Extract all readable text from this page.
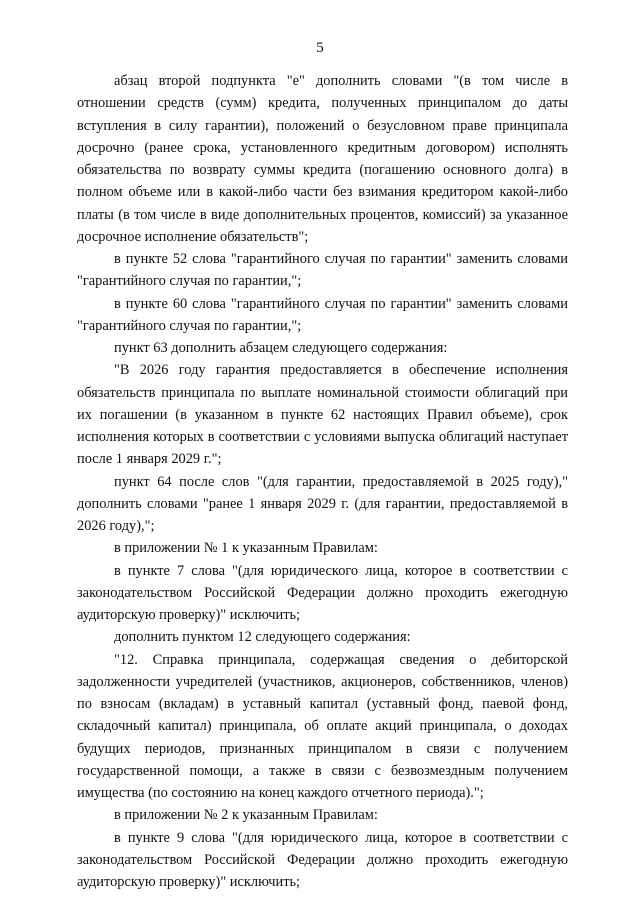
5

абзац второй подпункта "е" дополнить словами "(в том числе в отношении средств (сумм) кредита, полученных принципалом до даты вступления в силу гарантии), положений о безусловном праве принципала досрочно (ранее срока, установленного кредитным договором) исполнять обязательства по возврату суммы кредита (погашению основного долга) в полном объеме или в какой-либо части без взимания кредитором какой-либо платы (в том числе в виде дополнительных процентов, комиссий) за указанное досрочное исполнение обязательств";

в пункте 52 слова "гарантийного случая по гарантии" заменить словами "гарантийного случая по гарантии,";

в пункте 60 слова "гарантийного случая по гарантии" заменить словами "гарантийного случая по гарантии,";

пункт 63 дополнить абзацем следующего содержания:

"В 2026 году гарантия предоставляется в обеспечение исполнения обязательств принципала по выплате номинальной стоимости облигаций при их погашении (в указанном в пункте 62 настоящих Правил объеме), срок исполнения которых в соответствии с условиями выпуска облигаций наступает после 1 января 2029 г.";

пункт 64 после слов "(для гарантии, предоставляемой в 2025 году)," дополнить словами "ранее 1 января 2029 г. (для гарантии, предоставляемой в 2026 году),";

в приложении № 1 к указанным Правилам:

в пункте 7 слова "(для юридического лица, которое в соответствии с законодательством Российской Федерации должно проходить ежегодную аудиторскую проверку)" исключить;

дополнить пунктом 12 следующего содержания:

"12. Справка принципала, содержащая сведения о дебиторской задолженности учредителей (участников, акционеров, собственников, членов) по взносам (вкладам) в уставный капитал (уставный фонд, паевой фонд, складочный капитал) принципала, об оплате акций принципала, о доходах будущих периодов, признанных принципалом в связи с получением государственной помощи, а также в связи с безвозмездным получением имущества (по состоянию на конец каждого отчетного периода).";

в приложении № 2 к указанным Правилам:

в пункте 9 слова "(для юридического лица, которое в соответствии с законодательством Российской Федерации должно проходить ежегодную аудиторскую проверку)" исключить;
